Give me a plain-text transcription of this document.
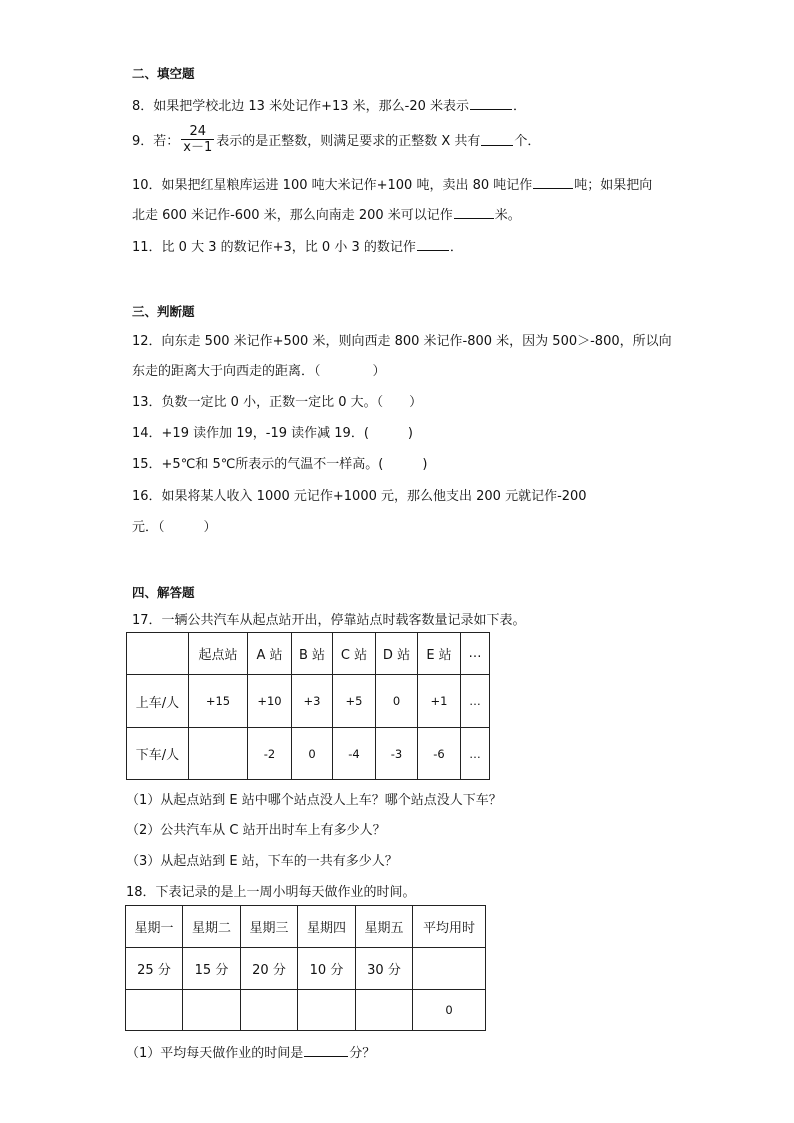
二、填空题
8．如果把学校北边 13 米处记作+13 米，那么-20 米表示	．
9．若： $\frac{24}{x-1}$ 表示的是正整数，则满足要求的正整数 X 共有	个．
10．如果把红星粮库运进 100 吨大米记作+100 吨，卖出 80 吨记作	吨；如果把向
北走 600 米记作-600 米，那么向南走 200 米可以记作	米。
11．比 0 大 3 的数记作+3，比 0 小 3 的数记作	．
三、判断题
12．向东走 500 米记作+500 米，则向西走 800 米记作-800 米，因为 500＞-800，所以向
东走的距离大于向西走的距离．（　　　　）
13．负数一定比 0 小，正数一定比 0 大。（　　）
14．+19 读作加 19，-19 读作减 19．(　　　)
15．+5℃和 5℃所表示的气温不一样高。(　　　)
16．如果将某人收入 1000 元记作+1000 元，那么他支出 200 元就记作-200
元．（　　　）
四、解答题
17．一辆公共汽车从起点站开出，停靠站点时载客数量记录如下表。
	起点站	A 站	B 站	C 站	D 站	E 站	…
上车/人	+15	+10	+3	+5	0	+1	…
下车/人		-2	0	-4	-3	-6	…
（1）从起点站到 E 站中哪个站点没人上车？哪个站点没人下车？
（2）公共汽车从 C 站开出时车上有多少人？
（3）从起点站到 E 站，下车的一共有多少人？
18．下表记录的是上一周小明每天做作业的时间。
星期一	星期二	星期三	星期四	星期五	平均用时
25 分	15 分	20 分	10 分	30 分	
					0
（1）平均每天做作业的时间是	分？
